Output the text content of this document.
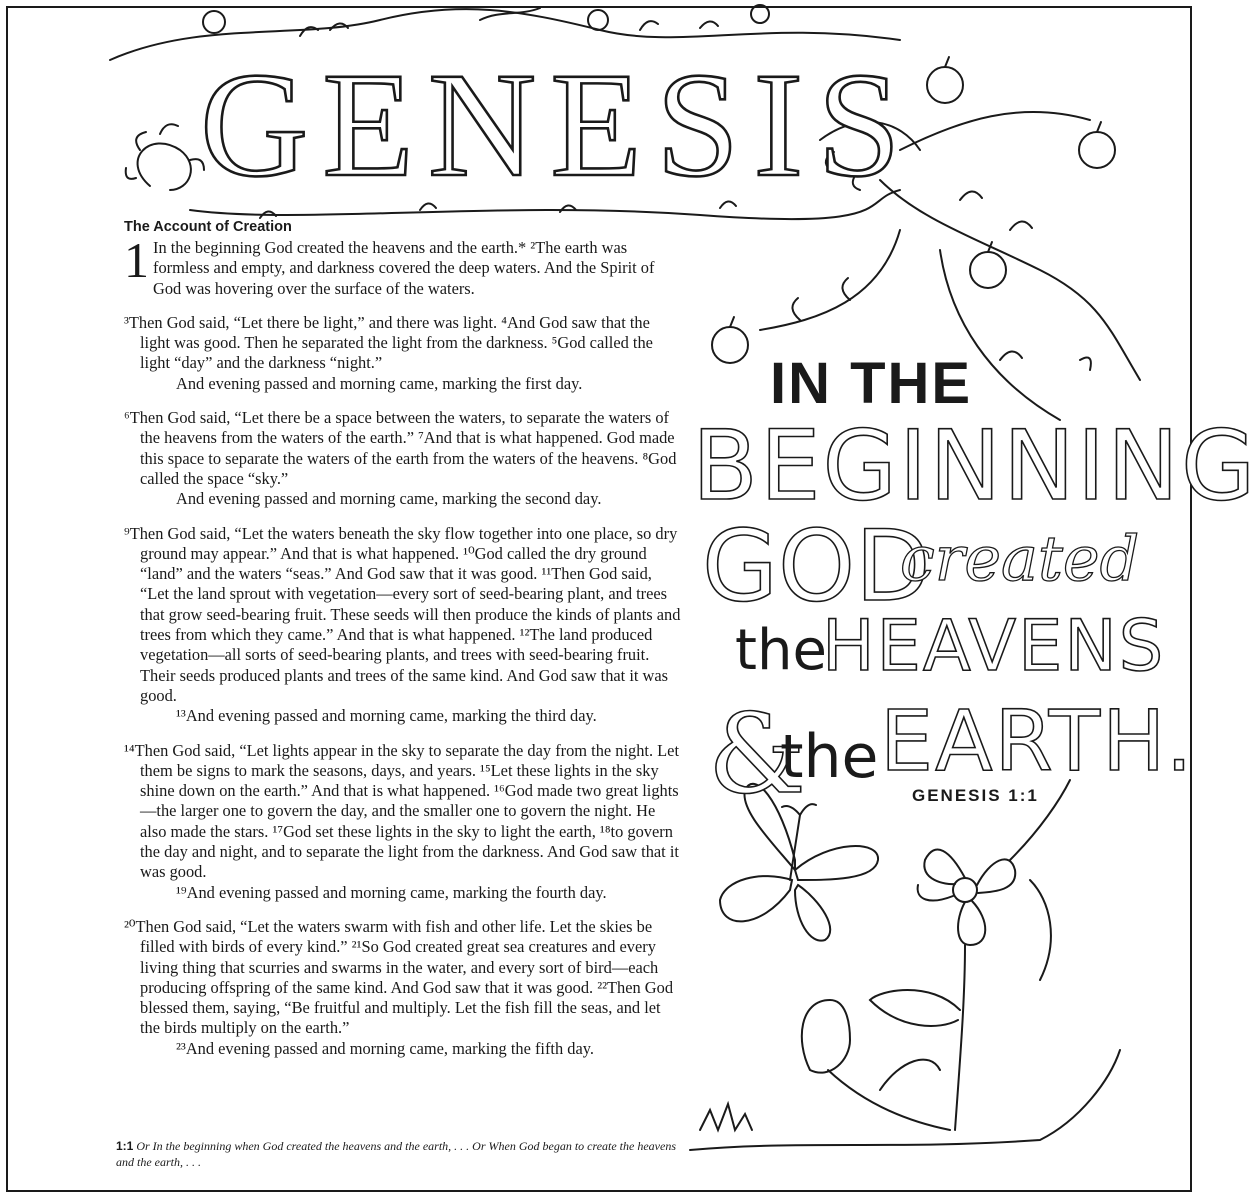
GENESIS
The Account of Creation

1 In the beginning God created the heavens and the earth.* ²The earth was formless and empty, and darkness covered the deep waters. And the Spirit of God was hovering over the surface of the waters.

³Then God said, “Let there be light,” and there was light. ⁴And God saw that the light was good. Then he separated the light from the darkness. ⁵God called the light “day” and the darkness “night.”
And evening passed and morning came, marking the first day.

⁶Then God said, “Let there be a space between the waters, to separate the waters of the heavens from the waters of the earth.” ⁷And that is what happened. God made this space to separate the waters of the earth from the waters of the heavens. ⁸God called the space “sky.”
And evening passed and morning came, marking the second day.

⁹Then God said, “Let the waters beneath the sky flow together into one place, so dry ground may appear.” And that is what happened. ¹⁰God called the dry ground “land” and the waters “seas.” And God saw that it was good. ¹¹Then God said, “Let the land sprout with vegetation—every sort of seed-bearing plant, and trees that grow seed-bearing fruit. These seeds will then produce the kinds of plants and trees from which they came.” And that is what happened. ¹²The land produced vegetation—all sorts of seed-bearing plants, and trees with seed-bearing fruit. Their seeds produced plants and trees of the same kind. And God saw that it was good.
¹³And evening passed and morning came, marking the third day.

¹⁴Then God said, “Let lights appear in the sky to separate the day from the night. Let them be signs to mark the seasons, days, and years. ¹⁵Let these lights in the sky shine down on the earth.” And that is what happened. ¹⁶God made two great lights—the larger one to govern the day, and the smaller one to govern the night. He also made the stars. ¹⁷God set these lights in the sky to light the earth, ¹⁸to govern the day and night, and to separate the light from the darkness. And God saw that it was good.
¹⁹And evening passed and morning came, marking the fourth day.

²⁰Then God said, “Let the waters swarm with fish and other life. Let the skies be filled with birds of every kind.” ²¹So God created great sea creatures and every living thing that scurries and swarms in the water, and every sort of bird—each producing offspring of the same kind. And God saw that it was good. ²²Then God blessed them, saying, “Be fruitful and multiply. Let the fish fill the seas, and let the birds multiply on the earth.”
²³And evening passed and morning came, marking the fifth day.

1:1 Or In the beginning when God created the heavens and the earth, . . . Or When God began to create the heavens and the earth, . . .
IN THE
BEGINNING
GOD
created
the
HEAVENS
&
the EARTH.
GENESIS 1:1
